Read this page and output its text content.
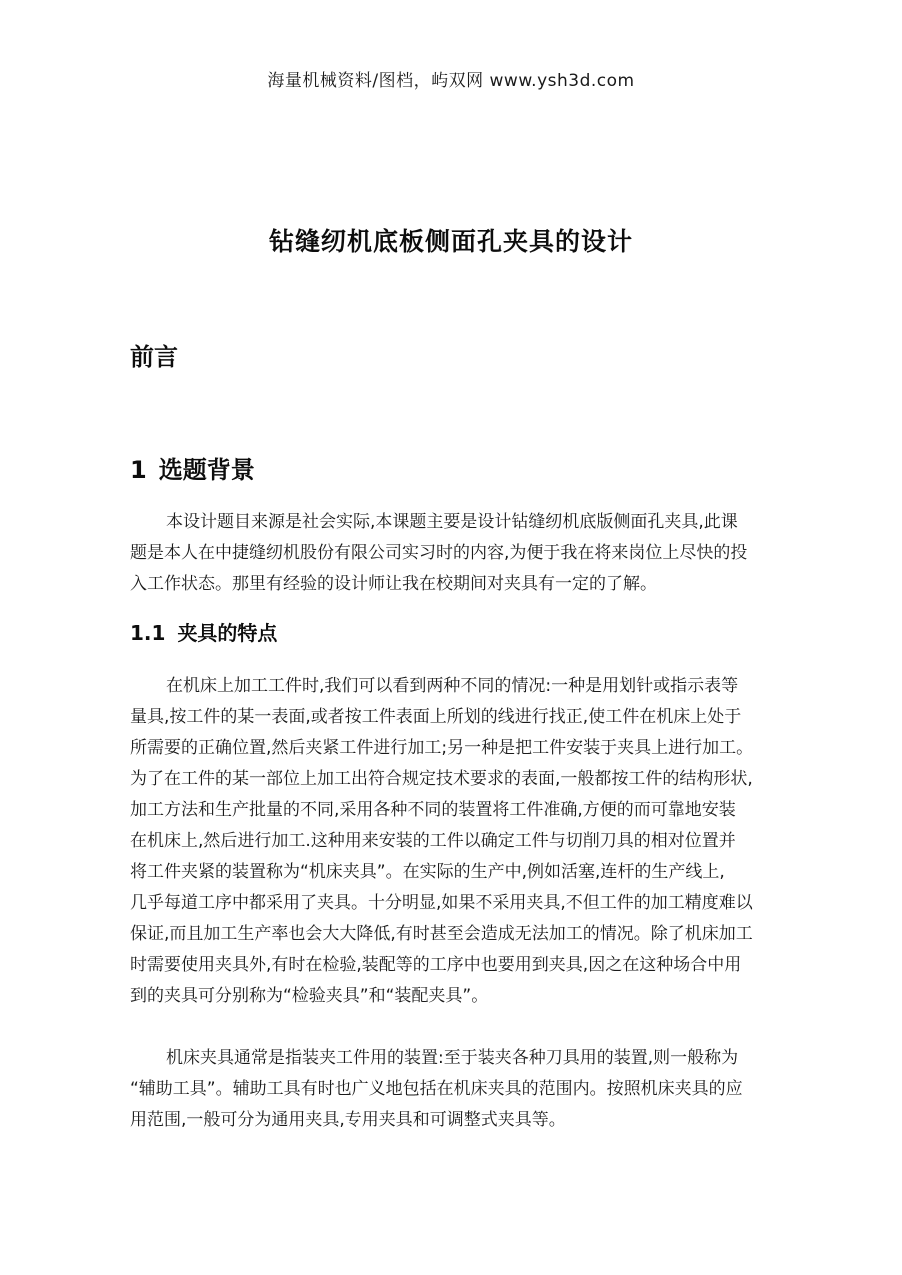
海量机械资料/图档，屿双网 www.ysh3d.com
钻缝纫机底板侧面孔夹具的设计
前言
1 选题背景
本设计题目来源是社会实际,本课题主要是设计钻缝纫机底版侧面孔夹具,此课
题是本人在中捷缝纫机股份有限公司实习时的内容,为便于我在将来岗位上尽快的投
入工作状态。那里有经验的设计师让我在校期间对夹具有一定的了解。
1.1 夹具的特点
在机床上加工工件时,我们可以看到两种不同的情况:一种是用划针或指示表等
量具,按工件的某一表面,或者按工件表面上所划的线进行找正,使工件在机床上处于
所需要的正确位置,然后夹紧工件进行加工;另一种是把工件安装于夹具上进行加工。
为了在工件的某一部位上加工出符合规定技术要求的表面,一般都按工件的结构形状,
加工方法和生产批量的不同,采用各种不同的装置将工件准确,方便的而可靠地安装
在机床上,然后进行加工.这种用来安装的工件以确定工件与切削刀具的相对位置并
将工件夹紧的装置称为“机床夹具”。在实际的生产中,例如活塞,连杆的生产线上,
几乎每道工序中都采用了夹具。十分明显,如果不采用夹具,不但工件的加工精度难以
保证,而且加工生产率也会大大降低,有时甚至会造成无法加工的情况。除了机床加工
时需要使用夹具外,有时在检验,装配等的工序中也要用到夹具,因之在这种场合中用
到的夹具可分别称为“检验夹具”和“装配夹具”。
机床夹具通常是指装夹工件用的装置:至于装夹各种刀具用的装置,则一般称为
“辅助工具”。辅助工具有时也广义地包括在机床夹具的范围内。按照机床夹具的应
用范围,一般可分为通用夹具,专用夹具和可调整式夹具等。
